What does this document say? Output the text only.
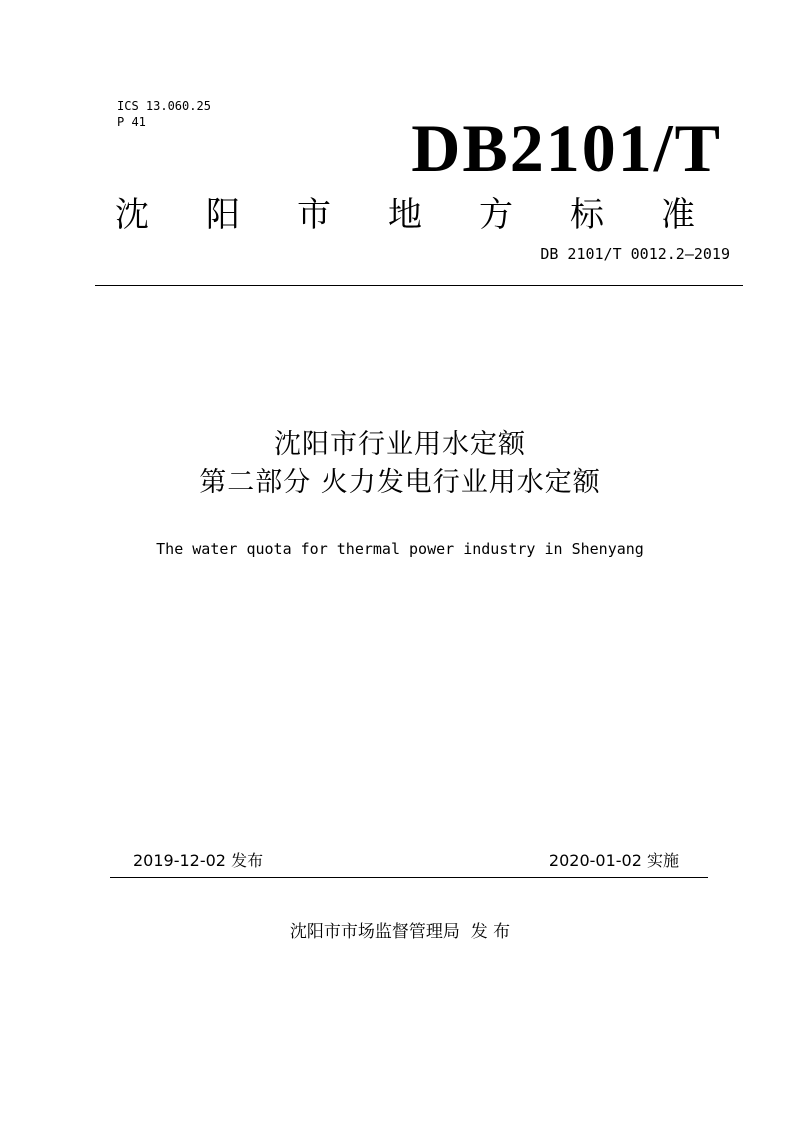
ICS 13.060.25
P 41	DB2101/T
沈 阳 市 地 方 标 准
DB 2101/T 0012.2—2019
沈阳市行业用水定额
第二部分 火力发电行业用水定额
The water quota for thermal power industry in Shenyang
2019-12-02 发布	2020-01-02 实施
沈阳市市场监督管理局  发 布
